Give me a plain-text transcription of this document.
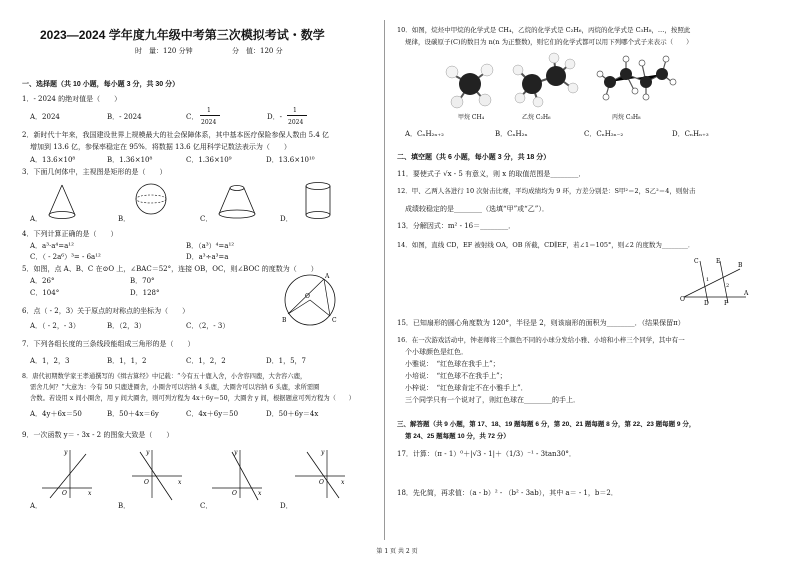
2023—2024 学年度九年级中考第三次模拟考试・数学
时　量：120 分钟	分　值：120 分
一、选择题（共 10 小题，每小题 3 分，共 30 分）
1．- 2024 的绝对值是（　　）
A．2024	B．- 2024	C．
1
2024
D．-
1
2024
2．新时代十年来，我国建设世界上规模最大的社会保障体系，其中基本医疗保险参保人数由 5.4 亿
增加到 13.6 亿，参保率稳定在 95%．将数据 13.6 亿用科学记数法表示为（　　）
A．13.6×10⁸	B．1.36×10⁸	C．1.36×10⁹	D．13.6×10¹⁰
3．下面几何体中，主视图是矩形的是（　　）
A．	B．	C．	D．
4．下列计算正确的是（　　）
A．a³·a⁴=a¹²	B．（a³）⁴=a¹²
C．（ - 2a⁶）³= - 6a¹²	D．a³÷a³=a
5．如图，点 A、B、C 在⊙O 上，∠BAC＝52°，连接 OB，OC，则∠BOC 的度数为（　　）
A．26°	B．70°
C．104°	D．128°
A
B	C
O
6．点（ - 2，3）关于原点的对称点的坐标为（　　）
A．（ - 2，- 3）	B．（2，3）	C．（2，- 3）
7．下列各组长度的三条线段能组成三角形的是（　　）
A．1，2，3	B．1，1，2	C．1，2，2	D．1，5，7
8．唐代初期数学家王孝通撰写的《缉古算经》中记载：“今有五十鹿入舍，小舍容四鹿，大舍容六鹿，
需舍几何？”大意为：今有 50 只鹿进圈舍，小圈舍可以容纳 4 头鹿，大圈舍可以容纳 6 头鹿，求所需圈
舍数。若设用 x 间小圈舍，用 y 间大圈舍，则可列方程为 4x＋6y＝50，大圈舍 y 间，根据题意可列方程为（　　）
A．4y＋6x＝50	B．50＋4x＝6y	C．4x＋6y＝50	D．50＋6y＝4x
9．一次函数 y＝ - 3x - 2 的图象大致是（　　）
A．	B．	C．	D．
x
y
O
x
y
O
x
y
O
x
y
O
10．如图，烷烃中甲烷的化学式是 CH₄，乙烷的化学式是 C₂H₆，丙烷的化学式是 C₃H₈，…，按照此
规律，设碳原子(C)的数目为 n(n 为正整数)，则它们的化学式都可以用下列哪个式子来表示（　　）
甲烷 CH₄	乙烷 C₂H₆	丙烷 C₃H₈
A．CₙH₂ₙ₊₂	B．CₙH₂ₙ	C．CₙH₂ₙ₋₂	D．CₙHₙ₊₃
二、填空题（共 6 小题，每小题 3 分，共 18 分）
11．要使式子 √x - 5 有意义，则 x 的取值范围是________．
12．甲、乙两人各进行 10 次射击比赛，平均成绩均为 9 环，方差分别是：S甲²＝2，S乙²＝4，则射击
成绩较稳定的是________（选填“甲”或“乙”）．
13．分解因式：m² - 16＝________．
14．如图，直线 CD，EF 被射线 OA，OB 所截，CD∥EF，若∠1＝105°，则∠2 的度数为________．
O
A
B
C
D
E
F
1
2
15．已知扇形的圆心角度数为 120°，半径是 2，则该扇形的面积为________．（结果保留π）
16．在一次游戏活动中，钟老师将三个颜色不同的小球分发给小雅、小培和小梓三个同学，其中有一
个小球颜色是红色．
小雅说：　“红色球在我手上”；
小培说：　“红色球不在我手上”；
小梓说：　“红色球肯定不在小雅手上”．
三个同学只有一个说对了，则红色球在________的手上．
三、解答题（共 9 小题，第 17、18、19 题每题 6 分，第 20、21 题每题 8 分，第 22、23 题每题 9 分，
第 24、25 题每题 10 分，共 72 分）
17．计算：（π - 1）⁰＋|√3 - 1|＋（1/3）⁻¹ - 3tan30°．
18．先化简，再求值：（a - b）² - （b² - 3ab），其中 a＝ - 1，b＝2．
第 1 页 共 2 页
